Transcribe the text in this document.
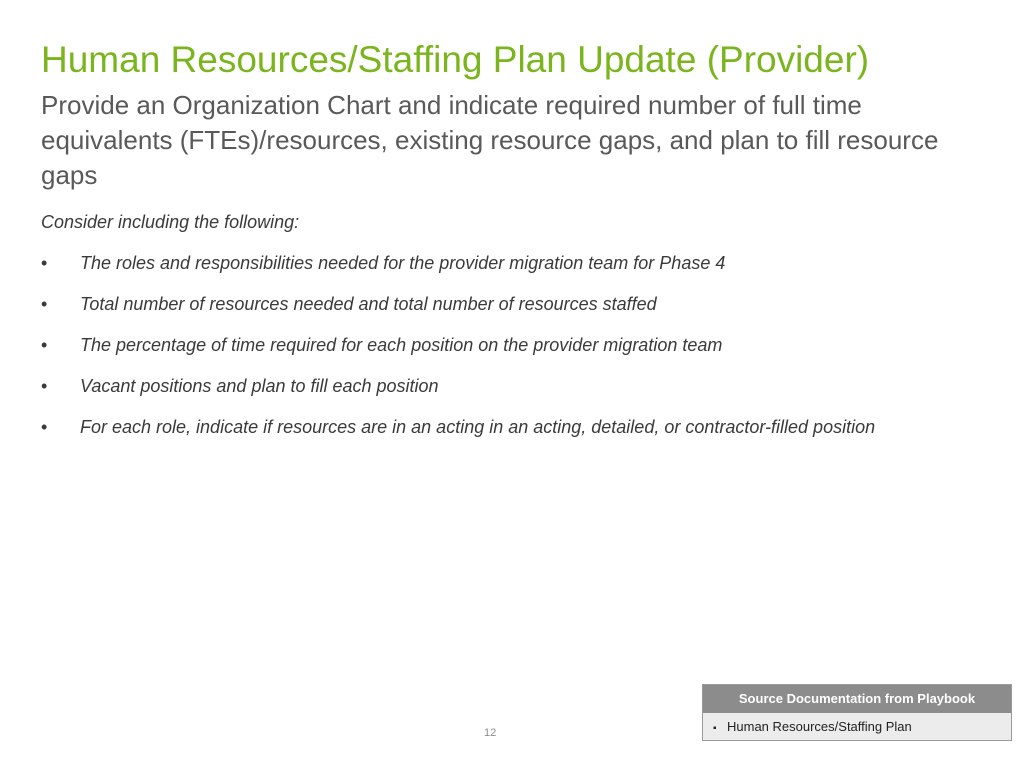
Human Resources/Staffing Plan Update (Provider)

Provide an Organization Chart and indicate required number of full time equivalents (FTEs)/resources, existing resource gaps, and plan to fill resource gaps

Consider including the following:

• The roles and responsibilities needed for the provider migration team for Phase 4
• Total number of resources needed and total number of resources staffed
• The percentage of time required for each position on the provider migration team
• Vacant positions and plan to fill each position
• For each role, indicate if resources are in an acting in an acting, detailed, or contractor-filled position
12
Source Documentation from Playbook
▪ Human Resources/Staffing Plan
